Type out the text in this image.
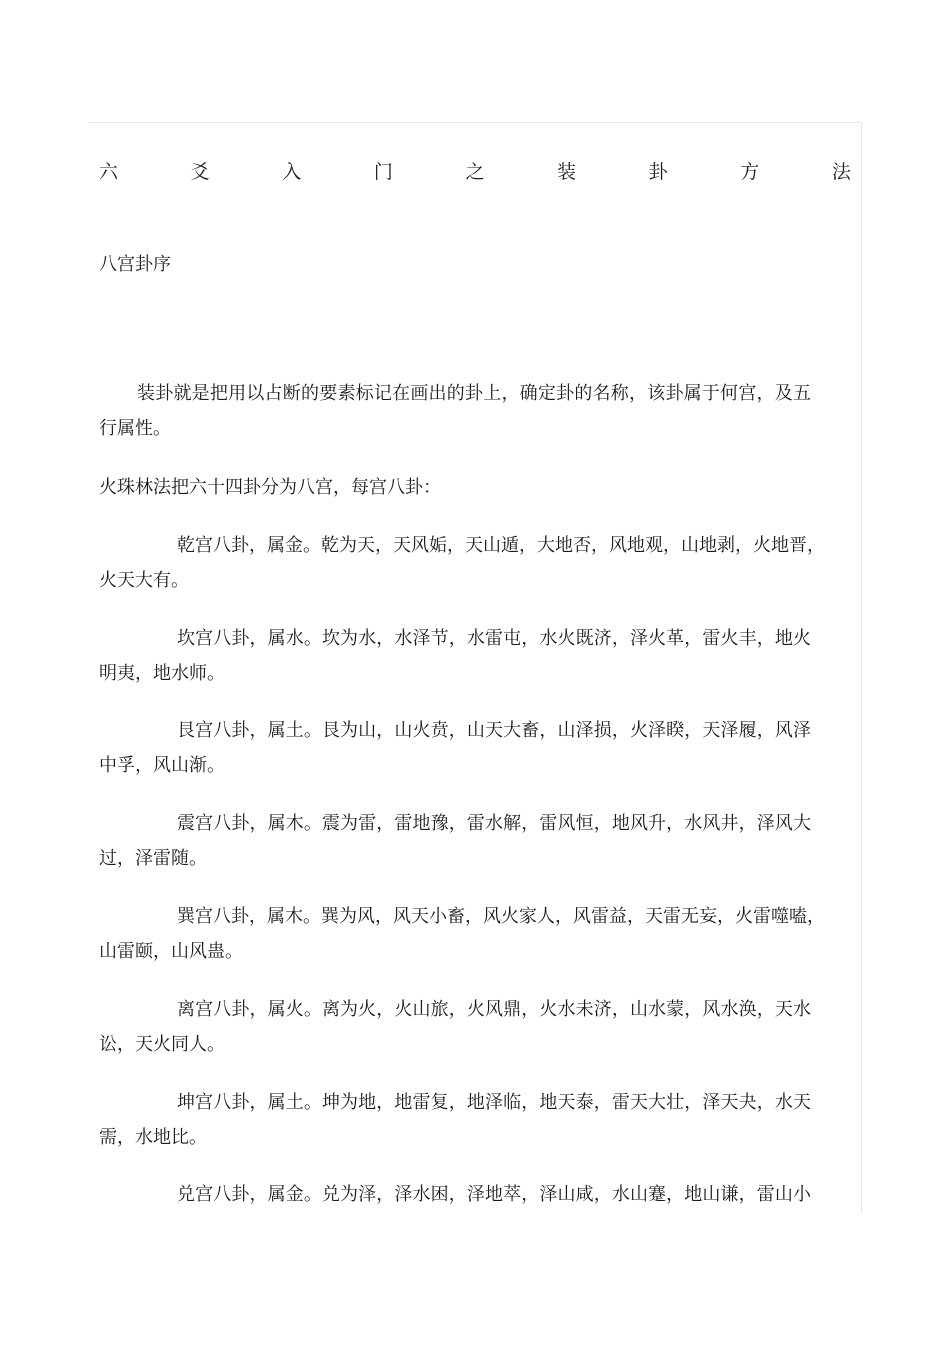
六	爻	入	门	之	装	卦	方	法
八宫卦序

装卦就是把用以占断的要素标记在画出的卦上，确定卦的名称，该卦属于何宫，及五
行属性。

火珠林法把六十四卦分为八宫，每宫八卦：

乾宫八卦，属金。乾为天，天风姤，天山遁，大地否，风地观，山地剥，火地晋，
火天大有。

坎宫八卦，属水。坎为水，水泽节，水雷屯，水火既济，泽火革，雷火丰，地火
明夷，地水师。

艮宫八卦，属土。艮为山，山火贲，山天大畜，山泽损，火泽睽，天泽履，风泽
中孚，风山渐。

震宫八卦，属木。震为雷，雷地豫，雷水解，雷风恒，地风升，水风井，泽风大
过，泽雷随。

巽宫八卦，属木。巽为风，风天小畜，风火家人，风雷益，天雷无妄，火雷噬嗑，
山雷颐，山风蛊。

离宫八卦，属火。离为火，火山旅，火风鼎，火水未济，山水蒙，风水涣，天水
讼，天火同人。

坤宫八卦，属土。坤为地，地雷复，地泽临，地天泰，雷天大壮，泽天夬，水天
需，水地比。

兑宫八卦，属金。兑为泽，泽水困，泽地萃，泽山咸，水山蹇，地山谦，雷山小
